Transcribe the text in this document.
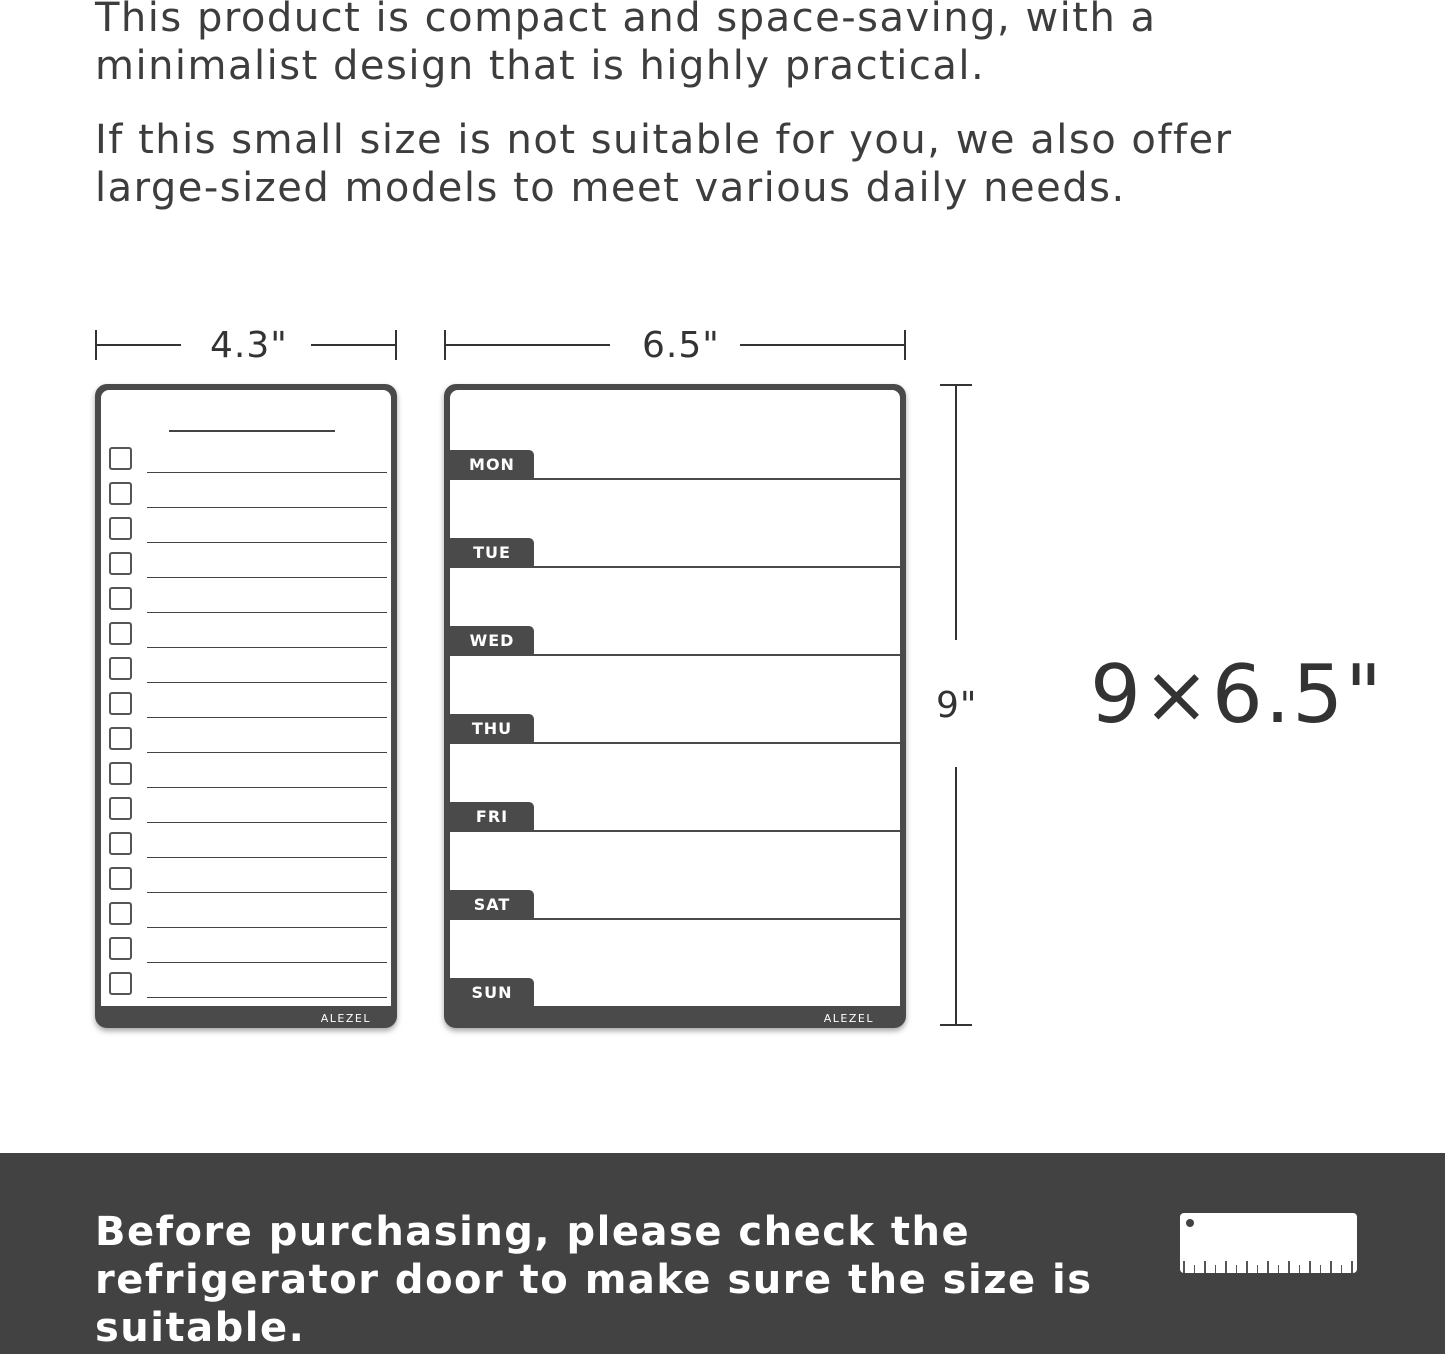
This product is compact and space-saving, with a minimalist design that is highly practical.

If this small size is not suitable for you, we also offer large-sized models to meet various daily needs.

4.3"	6.5"
ALEZEL
MON
TUE
WED
THU
FRI
SAT
SUN
ALEZEL
9" 9×6.5"

Before purchasing, please check the refrigerator door to make sure the size is suitable.
